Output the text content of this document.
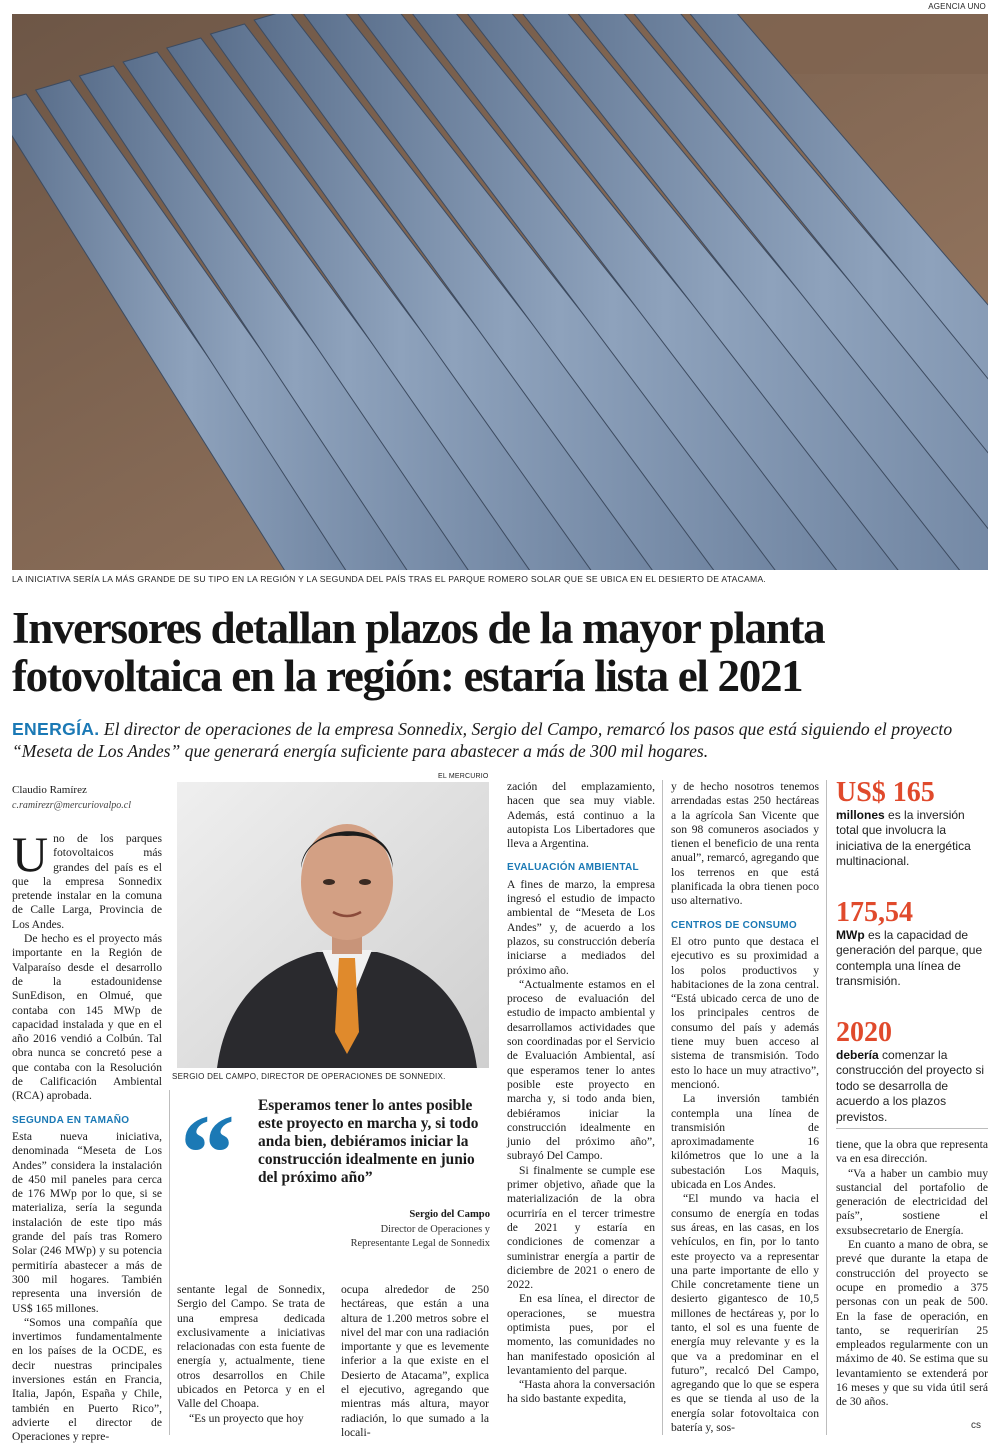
AGENCIA UNO
LA INICIATIVA SERÍA LA MÁS GRANDE DE SU TIPO EN LA REGIÓN Y LA SEGUNDA DEL PAÍS TRAS EL PARQUE ROMERO SOLAR QUE SE UBICA EN EL DESIERTO DE ATACAMA.
Inversores detallan plazos de la mayor planta
fotovoltaica en la región: estaría lista el 2021
ENERGÍA. El director de operaciones de la empresa Sonnedix, Sergio del Campo, remarcó los pasos que está siguiendo el proyecto “Meseta de Los Andes” que generará energía suficiente para abastecer a más de 300 mil hogares.
Claudio Ramírez
c.ramirezr@mercuriovalpo.cl
EL MERCURIO
SERGIO DEL CAMPO, DIRECTOR DE OPERACIONES DE SONNEDIX.
“ Esperamos tener lo antes posible este proyecto en marcha y, si todo anda bien, debiéramos iniciar la construcción idealmente en junio del próximo año”
Sergio del Campo
Director de Operaciones y
Representante Legal de Sonnedix
U no de los parques fotovoltaicos más grandes del país es el que la empresa Sonnedix pretende instalar en la comuna de Calle Larga, Provincia de Los Andes.

De hecho es el proyecto más importante en la Región de Valparaíso desde el desarrollo de la estadounidense SunEdison, en Olmué, que contaba con 145 MWp de capacidad instalada y que en el año 2016 vendió a Colbún. Tal obra nunca se concretó pese a que contaba con la Resolución de Calificación Ambiental (RCA) aprobada.

SEGUNDA EN TAMAÑO

Esta nueva iniciativa, denominada “Meseta de Los Andes” considera la instalación de 450 mil paneles para cerca de 176 MWp por lo que, si se materializa, sería la segunda instalación de este tipo más grande del país tras Romero Solar (246 MWp) y su potencia permitiría abastecer a más de 300 mil hogares. También representa una inversión de US$ 165 millones.

“Somos una compañía que invertimos fundamentalmente en los países de la OCDE, es decir nuestras principales inversiones están en Francia, Italia, Japón, España y Chile, también en Puerto Rico”, advierte el director de Operaciones y repre-

sentante legal de Sonnedix, Sergio del Campo. Se trata de una empresa dedicada exclusivamente a iniciativas relacionadas con esta fuente de energía y, actualmente, tiene otros desarrollos en Chile ubicados en Petorca y en el Valle del Choapa.

“Es un proyecto que hoy

ocupa alrededor de 250 hectáreas, que están a una altura de 1.200 metros sobre el nivel del mar con una radiación importante y que es levemente inferior a la que existe en el Desierto de Atacama”, explica el ejecutivo, agregando que mientras más altura, mayor radiación, lo que sumado a la locali-

zación del emplazamiento, hacen que sea muy viable. Además, está continuo a la autopista Los Libertadores que lleva a Argentina.

EVALUACIÓN AMBIENTAL

A fines de marzo, la empresa ingresó el estudio de impacto ambiental de “Meseta de Los Andes” y, de acuerdo a los plazos, su construcción debería iniciarse a mediados del próximo año.

“Actualmente estamos en el proceso de evaluación del estudio de impacto ambiental y desarrollamos actividades que son coordinadas por el Servicio de Evaluación Ambiental, así que esperamos tener lo antes posible este proyecto en marcha y, si todo anda bien, debiéramos iniciar la construcción idealmente en junio del próximo año”, subrayó Del Campo.

Si finalmente se cumple ese primer objetivo, añade que la materialización de la obra ocurriría en el tercer trimestre de 2021 y estaría en condiciones de comenzar a suministrar energía a partir de diciembre de 2021 o enero de 2022.

En esa línea, el director de operaciones, se muestra optimista pues, por el momento, las comunidades no han manifestado oposición al levantamiento del parque.

“Hasta ahora la conversación ha sido bastante expedita,

y de hecho nosotros tenemos arrendadas estas 250 hectáreas a la agrícola San Vicente que son 98 comuneros asociados y tienen el beneficio de una renta anual”, remarcó, agregando que los terrenos en que está planificada la obra tienen poco uso alternativo.

CENTROS DE CONSUMO

El otro punto que destaca el ejecutivo es su proximidad a los polos productivos y habitaciones de la zona central. “Está ubicado cerca de uno de los principales centros de consumo del país y además tiene muy buen acceso al sistema de transmisión. Todo esto lo hace un muy atractivo”, mencionó.

La inversión también contempla una línea de transmisión de aproximadamente 16 kilómetros que lo une a la subestación Los Maquis, ubicada en Los Andes.

“El mundo va hacia el consumo de energía en todas sus áreas, en las casas, en los vehículos, en fin, por lo tanto este proyecto va a representar una parte importante de ello y Chile concretamente tiene un desierto gigantesco de 10,5 millones de hectáreas y, por lo tanto, el sol es una fuente de energía muy relevante y es la que va a predominar en el futuro”, recalcó Del Campo, agregando que lo que se espera es que se tienda al uso de la energía solar fotovoltaica con batería y, sos-

US$ 165
millones es la inversión total que involucra la iniciativa de la energética multinacional.
175,54
MWp es la capacidad de generación del parque, que contempla una línea de transmisión.
2020
debería comenzar la construcción del proyecto si todo se desarrolla de acuerdo a los plazos previstos.

tiene, que la obra que representa va en esa dirección.

“Va a haber un cambio muy sustancial del portafolio de generación de electricidad del país”, sostiene el exsubsecretario de Energía.

En cuanto a mano de obra, se prevé que durante la etapa de construcción del proyecto se ocupe en promedio a 375 personas con un peak de 500. En la fase de operación, en tanto, se requerirían 25 empleados regularmente con un máximo de 40. Se estima que su levantamiento se extenderá por 16 meses y que su vida útil será de 30 años.

cs
